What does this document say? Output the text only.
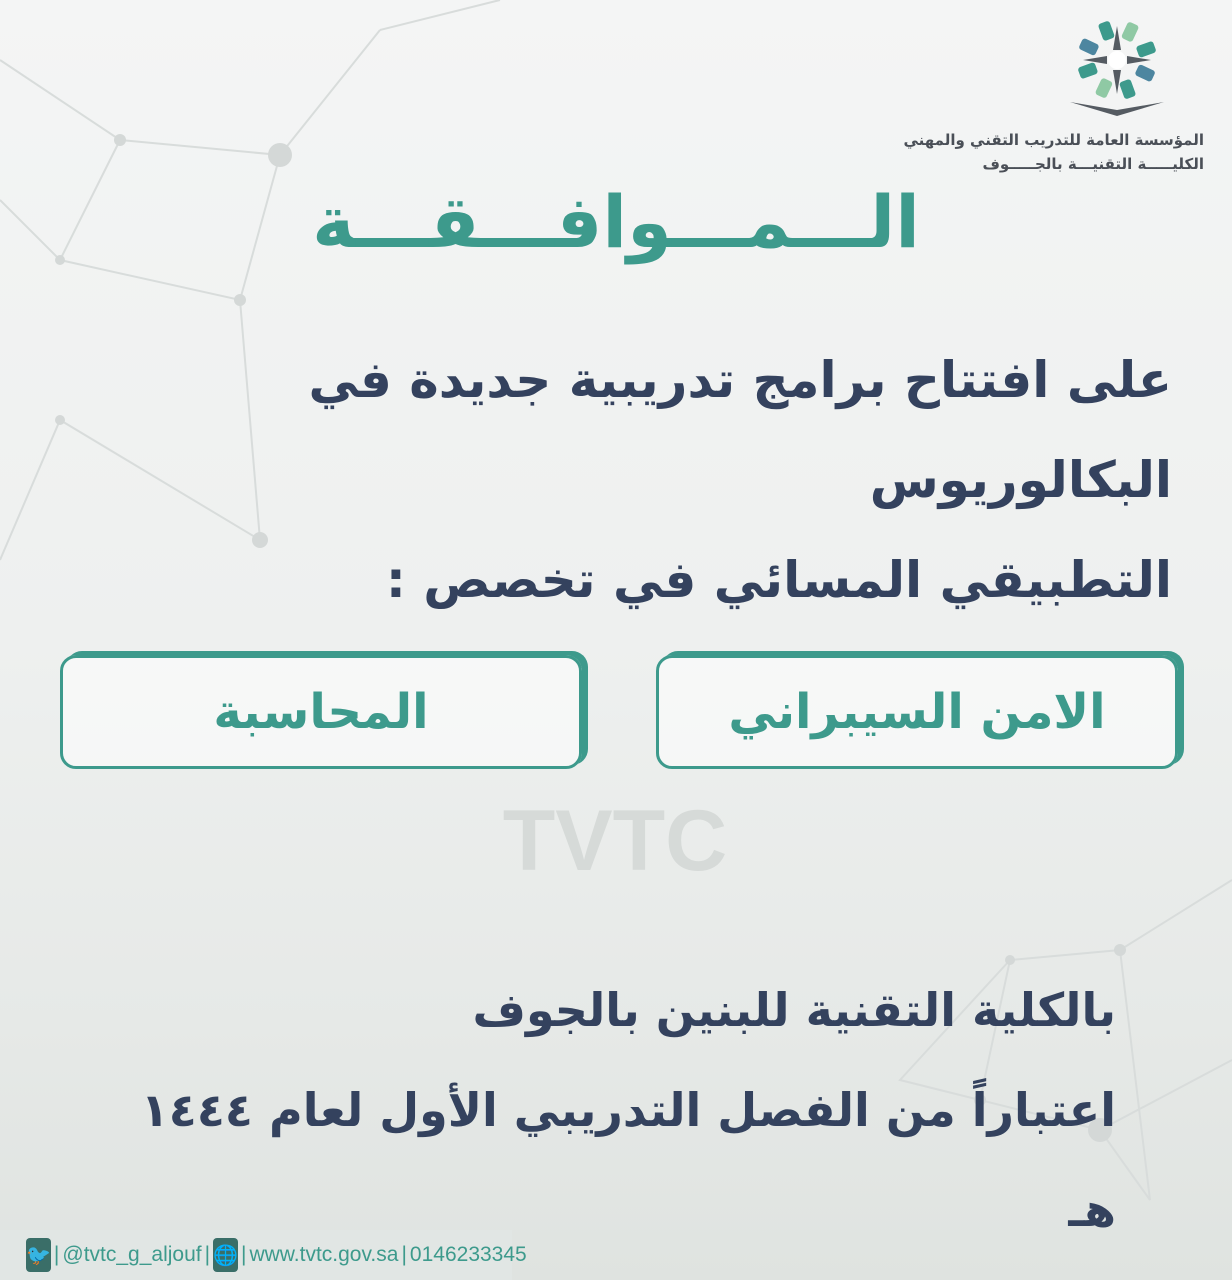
TVTC
المؤسسة العامة للتدريب التقني والمهني
الكليـــــة التقنيـــة بالجـــــوف
الـــمـــوافـــقـــة
على افتتاح برامج تدريبية جديدة في البكالوريوس
التطبيقي المسائي في تخصص :
الامن السيبراني
المحاسبة
بالكلية التقنية للبنين بالجوف
اعتباراً من الفصل التدريبي الأول لعام ١٤٤٤ هـ
🐦 | @tvtc_g_aljouf | 🌐 | www.tvtc.gov.sa | 0146233345
